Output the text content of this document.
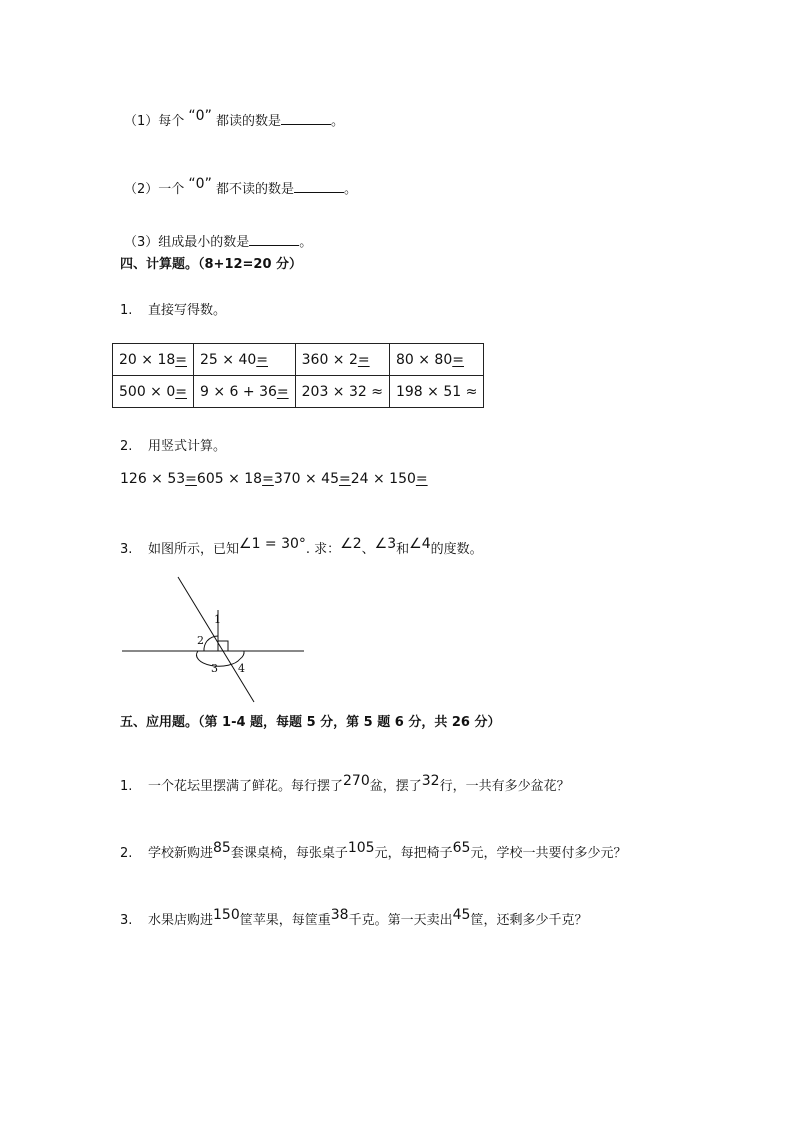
（1）每个 “0” 都读的数是	。
（2）一个 “0” 都不读的数是	。
（3）组成最小的数是	。
四、计算题。（8+12=20 分）
1. 直接写得数。
20 × 18=	25 × 40=	360 × 2=	80 × 80=
500 × 0=	9 × 6 + 36=	203 × 32 ≈	198 × 51 ≈
2. 用竖式计算。
126 × 53=605 × 18=370 × 45=24 × 150=
3. 如图所示，已知∠1 = 30°. 求：∠2、∠3和∠4的度数。
1
2
3 4
五、应用题。（第 1-4 题，每题 5 分，第 5 题 6 分，共 26 分）
1. 一个花坛里摆满了鲜花。每行摆了270盆，摆了32行，一共有多少盆花？
2. 学校新购进85套课桌椅，每张桌子105元，每把椅子65元，学校一共要付多少元？
3. 水果店购进150筐苹果，每筐重38千克。第一天卖出45筐，还剩多少千克？
